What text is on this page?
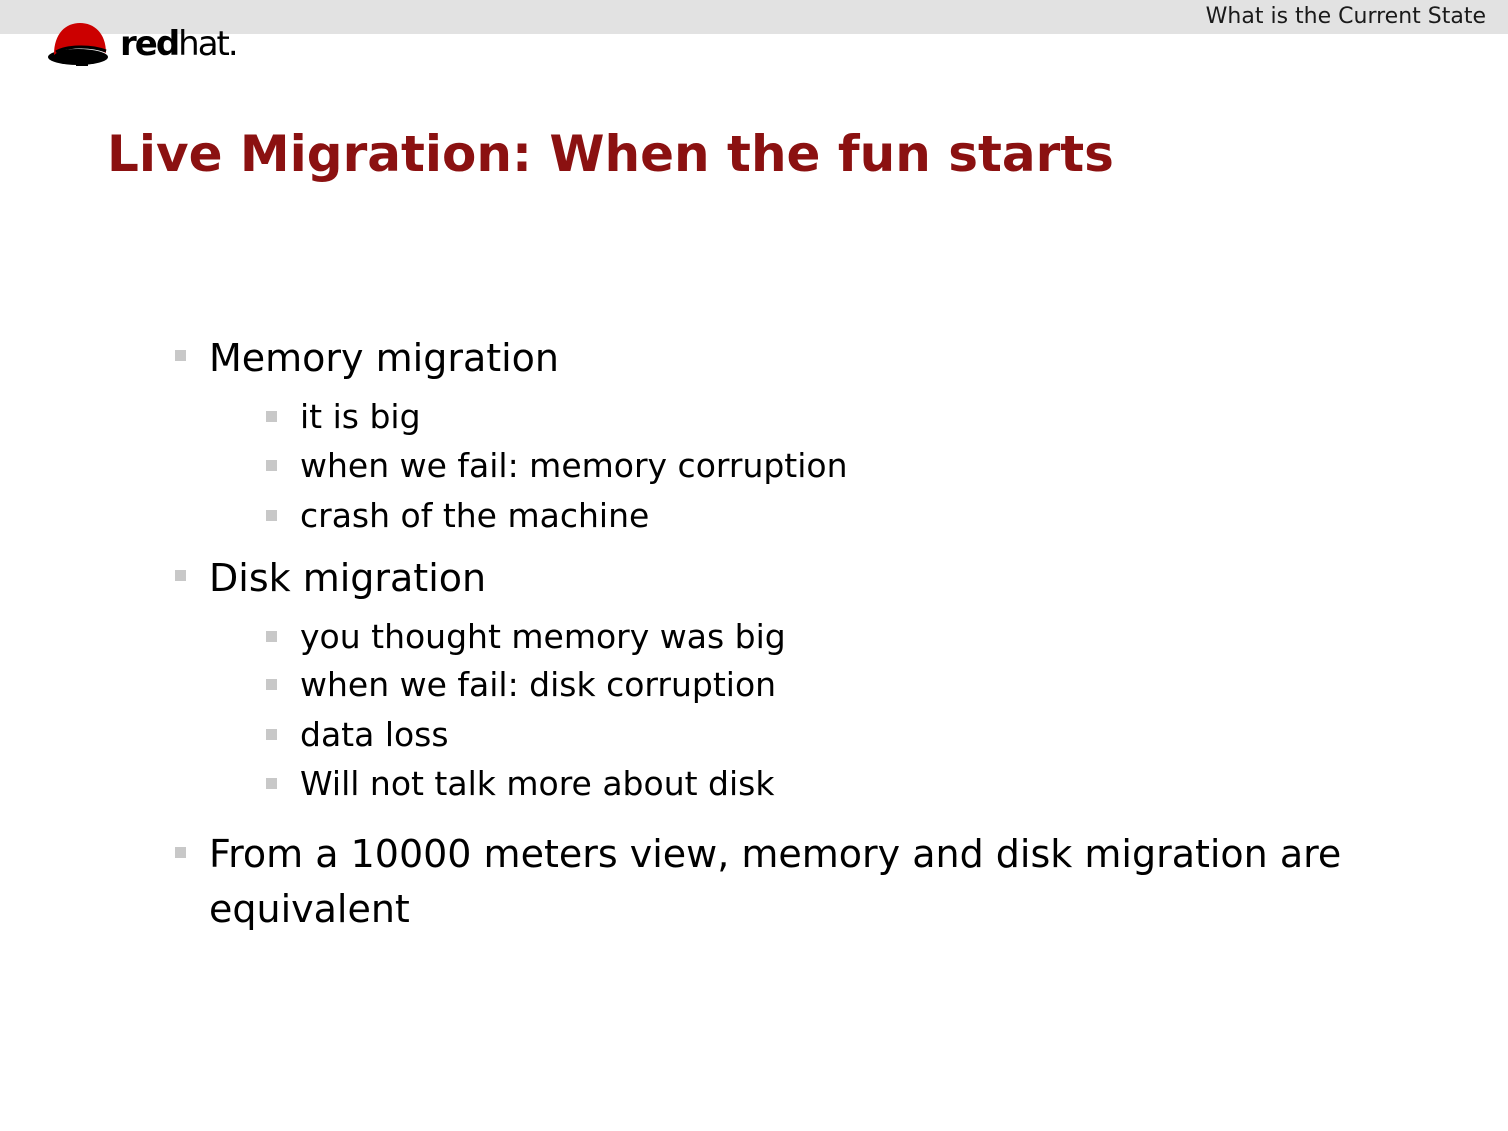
What is the Current State
redhat.
Live Migration: When the fun starts
Memory migration
it is big
when we fail: memory corruption
crash of the machine
Disk migration
you thought memory was big
when we fail: disk corruption
data loss
Will not talk more about disk
From a 10000 meters view, memory and disk migration are
equivalent
